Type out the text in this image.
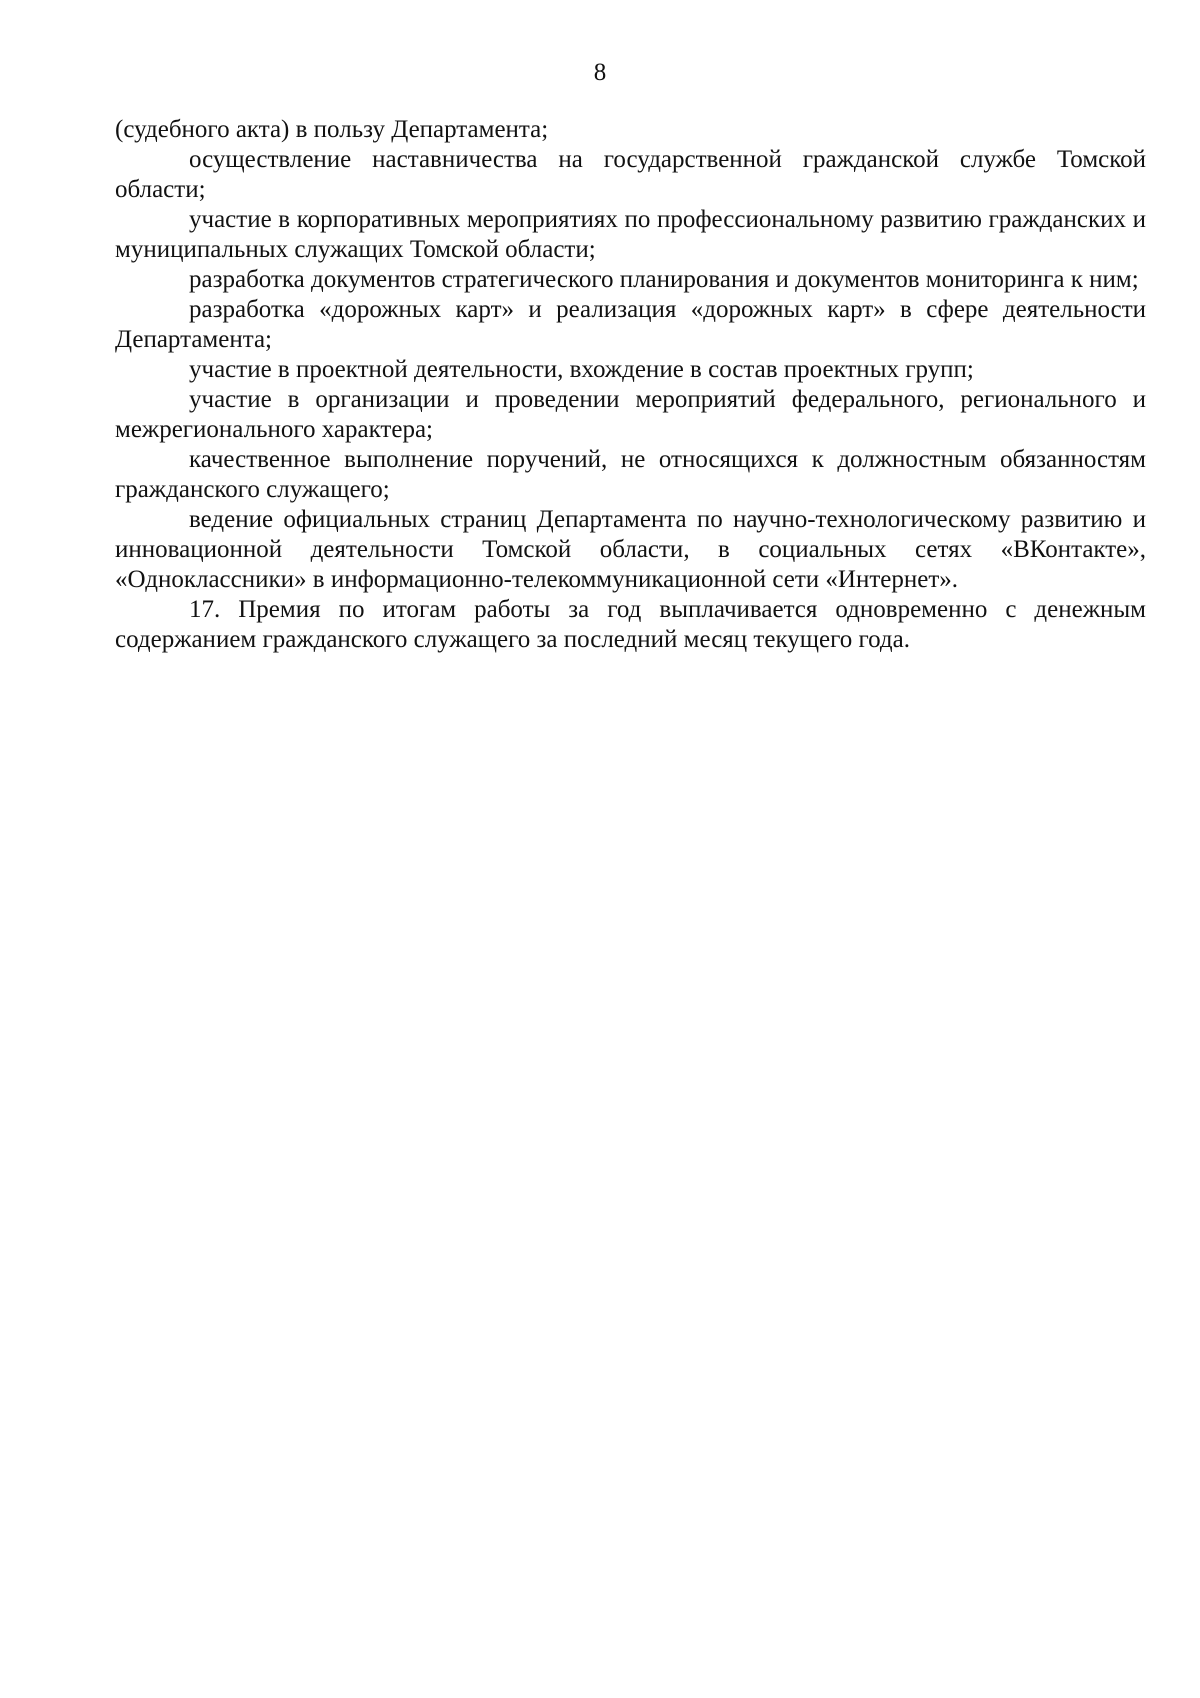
8

(судебного акта) в пользу Департамента;

осуществление наставничества на государственной гражданской службе Томской области;

участие в корпоративных мероприятиях по профессиональному развитию гражданских и муниципальных служащих Томской области;

разработка документов стратегического планирования и документов мониторинга к ним;

разработка «дорожных карт» и реализация «дорожных карт» в сфере деятельности Департамента;

участие в проектной деятельности, вхождение в состав проектных групп;

участие в организации и проведении мероприятий федерального, регионального и межрегионального характера;

качественное выполнение поручений, не относящихся к должностным обязанностям гражданского служащего;

ведение официальных страниц Департамента по научно-технологическому развитию и инновационной деятельности Томской области, в социальных сетях «ВКонтакте», «Одноклассники» в информационно-телекоммуникационной сети «Интернет».

17. Премия по итогам работы за год выплачивается одновременно с денежным содержанием гражданского служащего за последний месяц текущего года.
